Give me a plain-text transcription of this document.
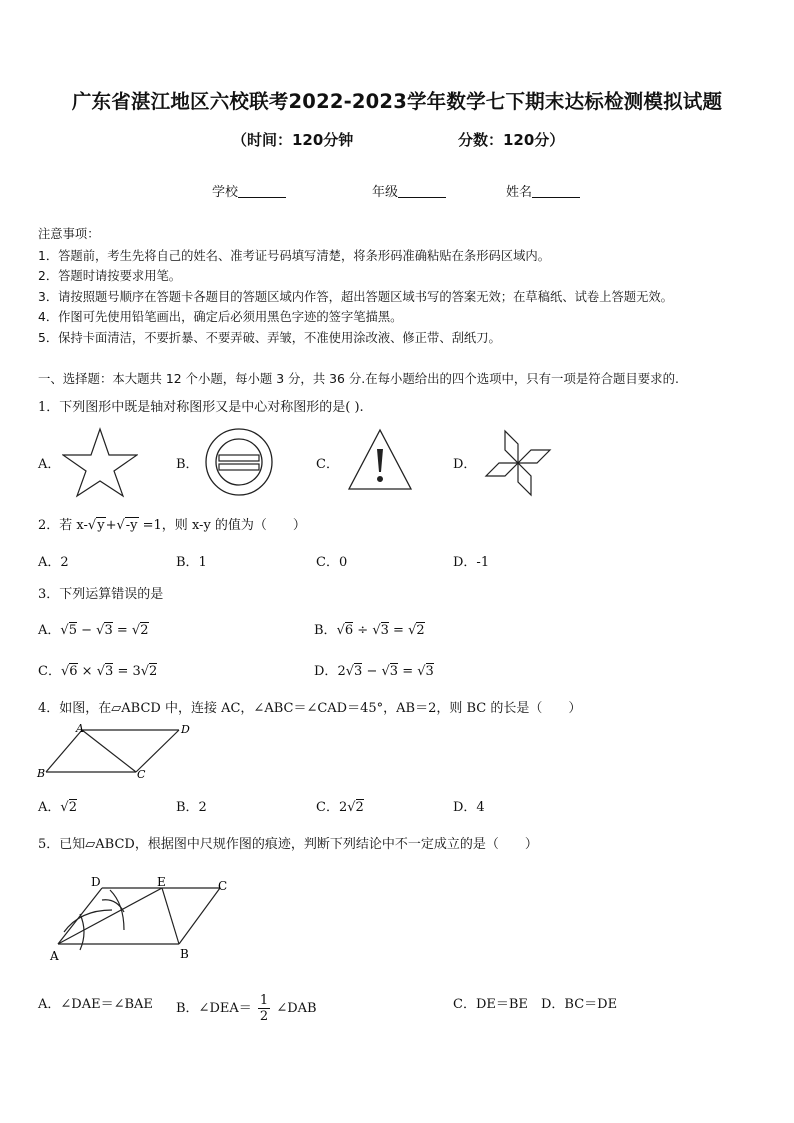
广东省湛江地区六校联考2022-2023学年数学七下期末达标检测模拟试题
（时间：120分钟	分数：120分）
学校	年级	姓名
注意事项：
1．答题前，考生先将自己的姓名、准考证号码填写清楚，将条形码准确粘贴在条形码区域内。
2．答题时请按要求用笔。
3．请按照题号顺序在答题卡各题目的答题区域内作答，超出答题区域书写的答案无效；在草稿纸、试卷上答题无效。
4．作图可先使用铅笔画出，确定后必须用黑色字迹的签字笔描黑。
5．保持卡面清洁，不要折暴、不要弄破、弄皱，不准使用涂改液、修正带、刮纸刀。
一、选择题：本大题共 12 个小题，每小题 3 分，共 36 分.在每小题给出的四个选项中，只有一项是符合题目要求的.
1．下列图形中既是轴对称图形又是中心对称图形的是( ).
A．	B．	C．	D．
2．若 x-√y+√-y =1，则 x-y 的值为（　　）
A．2	B．1	C．0	D．-1
3．下列运算错误的是
A．√5 − √3 = √2	B．√6 ÷ √3 = √2
C．√6 × √3 = 3√2	D．2√3 − √3 = √3
4．如图，在▱ABCD 中，连接 AC，∠ABC＝∠CAD＝45°，AB＝2，则 BC 的长是（　　）
A	D
B	C
A．√2	B．2	C．2√2	D．4
5．已知▱ABCD，根据图中尺规作图的痕迹，判断下列结论中不一定成立的是（　　）
D	E	C
A	B
A．∠DAE＝∠BAE B．∠DEA＝ $\frac{1}{2}$ ∠DAB	C．DE＝BE D．BC＝DE
